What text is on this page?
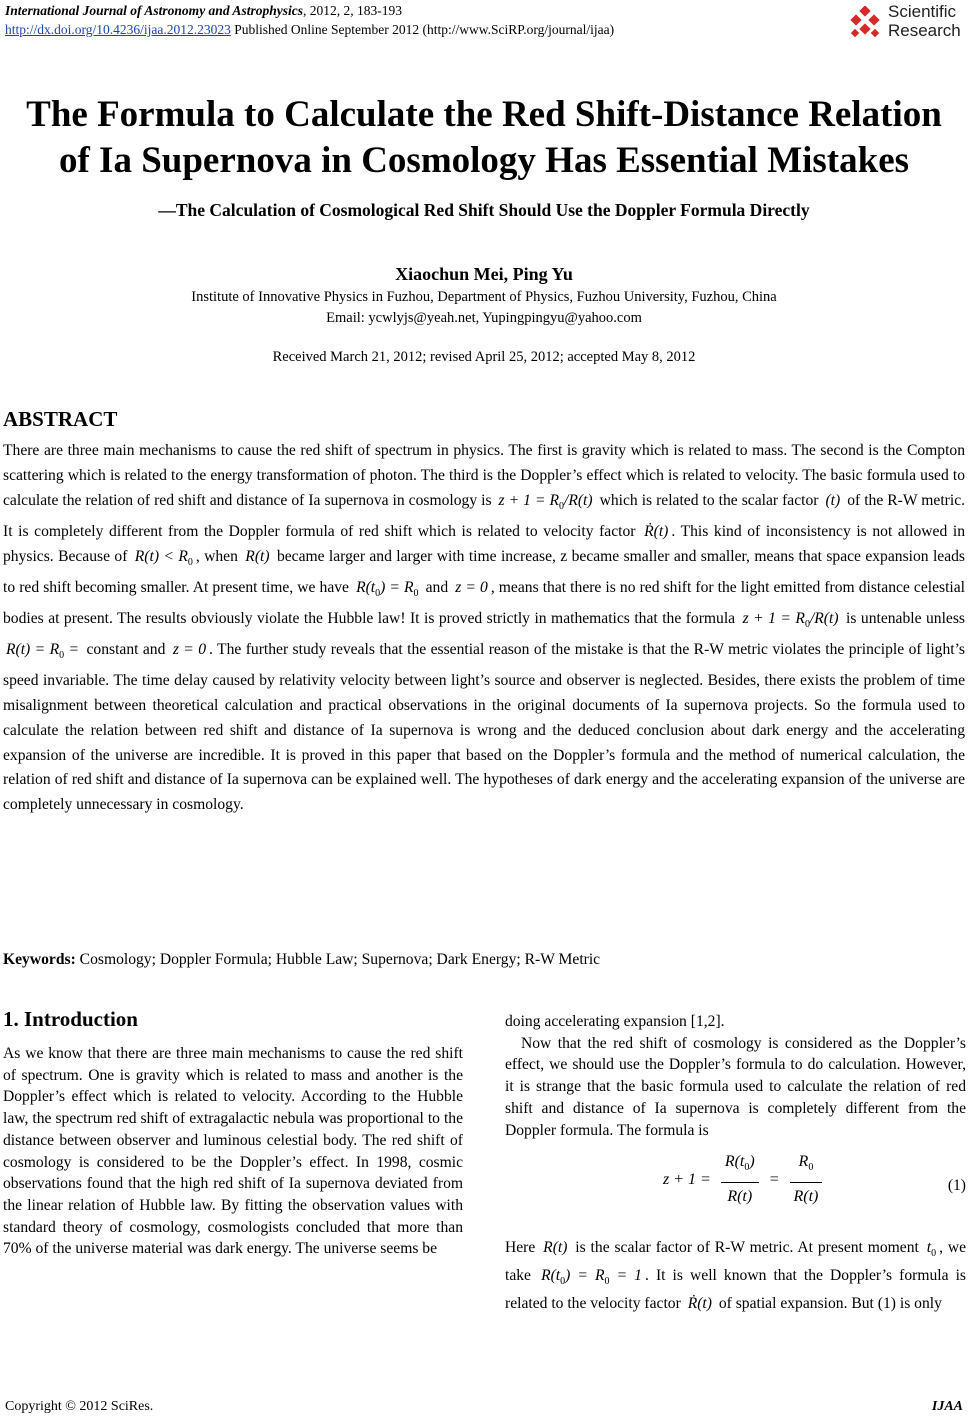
International Journal of Astronomy and Astrophysics, 2012, 2, 183-193
http://dx.doi.org/10.4236/ijaa.2012.23023 Published Online September 2012 (http://www.SciRP.org/journal/ijaa)
Scientific
Research
The Formula to Calculate the Red Shift-Distance Relation
of Ia Supernova in Cosmology Has Essential Mistakes
—The Calculation of Cosmological Red Shift Should Use the Doppler Formula Directly
Xiaochun Mei, Ping Yu
Institute of Innovative Physics in Fuzhou, Department of Physics, Fuzhou University, Fuzhou, China
Email: ycwlyjs@yeah.net, Yupingpingyu@yahoo.com
Received March 21, 2012; revised April 25, 2012; accepted May 8, 2012
ABSTRACT
There are three main mechanisms to cause the red shift of spectrum in physics. The first is gravity which is related to mass. The second is the Compton scattering which is related to the energy transformation of photon. The third is the Doppler’s effect which is related to velocity. The basic formula used to calculate the relation of red shift and distance of Ia supernova in cosmology is $z + 1 = R_0/R(t)$ which is related to the scalar factor (t) of the R-W metric. It is completely different from the Doppler formula of red shift which is related to velocity factor Ṙ(t) . This kind of inconsistency is not allowed in physics. Because of $R(t) < R_0$ , when R(t) became larger and larger with time increase, z became smaller and smaller, means that space expansion leads to red shift becoming smaller. At present time, we have $R(t_0) = R_0$ and z = 0 , means that there is no red shift for the light emitted from distance celestial bodies at present. The results obviously violate the Hubble law! It is proved strictly in mathematics that the formula $z + 1 = R_0/R(t)$ is untenable unless $R(t) = R_0$ = constant and z = 0 . The further study reveals that the essential reason of the mistake is that the R-W metric violates the principle of light’s speed invariable. The time delay caused by relativity velocity between light’s source and observer is neglected. Besides, there exists the problem of time misalignment between theoretical calculation and practical observations in the original documents of Ia supernova projects. So the formula used to calculate the relation between red shift and distance of Ia supernova is wrong and the deduced conclusion about dark energy and the accelerating expansion of the universe are incredible. It is proved in this paper that based on the Doppler’s formula and the method of numerical calculation, the relation of red shift and distance of Ia supernova can be explained well. The hypotheses of dark energy and the accelerating expansion of the universe are completely unnecessary in cosmology.
Keywords: Cosmology; Doppler Formula; Hubble Law; Supernova; Dark Energy; R-W Metric
1. Introduction
As we know that there are three main mechanisms to cause the red shift of spectrum. One is gravity which is related to mass and another is the Doppler’s effect which is related to velocity. According to the Hubble law, the spectrum red shift of extragalactic nebula was proportional to the distance between observer and luminous celestial body. The red shift of cosmology is considered to be the Doppler’s effect. In 1998, cosmic observations found that the high red shift of Ia supernova deviated from the linear relation of Hubble law. By fitting the observation values with standard theory of cosmology, cosmologists concluded that more than 70% of the universe material was dark energy. The universe seems be

doing accelerating expansion [1,2].

Now that the red shift of cosmology is considered as the Doppler’s effect, we should use the Doppler’s formula to do calculation. However, it is strange that the basic formula used to calculate the relation of red shift and distance of Ia supernova is completely different from the Doppler formula. The formula is

$z + 1 = \frac{R(t_0)}{R(t)} = \frac{R_0}{R(t)}$	(1)

Here R(t) is the scalar factor of R-W metric. At present moment $t_0$ , we take $R(t_0) = R_0 = 1$ . It is well known that the Doppler’s formula is related to the velocity factor Ṙ(t) of spatial expansion. But (1) is only

Copyright © 2012 SciRes.	IJAA
